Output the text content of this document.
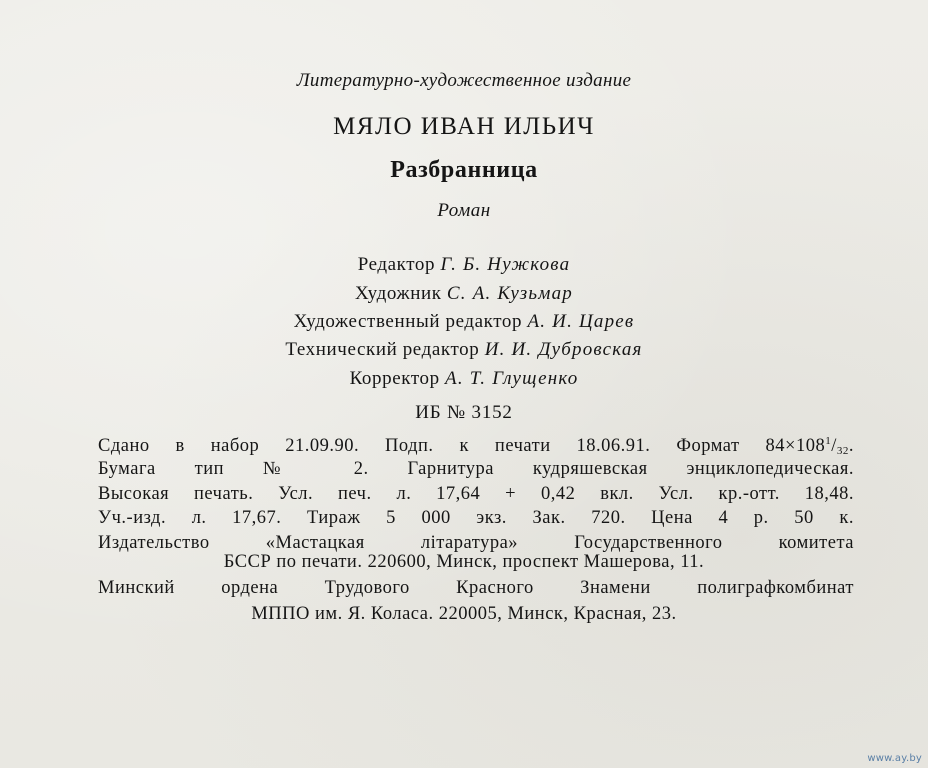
Литературно-художественное издание
МЯЛО ИВАН ИЛЬИЧ
Разбранница
Роман
Редактор Г. Б. Нужкова
Художник С. А. Кузьмар
Художественный редактор А. И. Царев
Технический редактор И. И. Дубровская
Корректор А. Т. Глущенко
ИБ № 3152
Сдано в набор 21.09.90. Подп. к печати 18.06.91. Формат $84\times 108^1/_{32}$.
Бумага тип № 2. Гарнитура кудряшевская энциклопедическая.
Высокая печать. Усл. печ. л. 17,64 + 0,42 вкл. Усл. кр.-отт. 18,48.
Уч.-изд. л. 17,67. Тираж 5 000 экз. Зак. 720. Цена 4 р. 50 к.
Издательство «Мастацкая літаратура» Государственного комитета
БССР по печати. 220600, Минск, проспект Машерова, 11.
Минский ордена Трудового Красного Знамени полиграфкомбинат
МППО им. Я. Коласа. 220005, Минск, Красная, 23.
www.ay.by
